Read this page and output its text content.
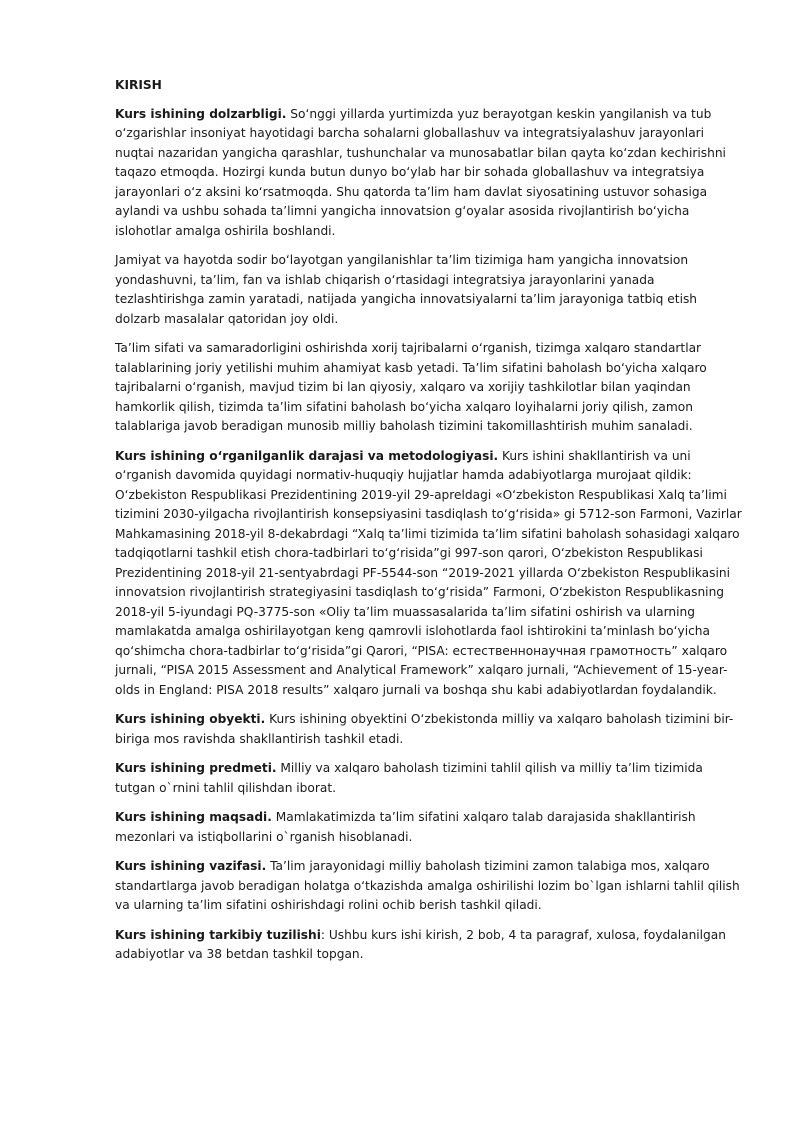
KIRISH

Kurs ishining dolzarbligi. So‘nggi yillarda yurtimizda yuz berayotgan keskin yangilanish va tub o‘zgarishlar insoniyat hayotidagi barcha sohalarni globallashuv va integratsiyalashuv jarayonlari nuqtai nazaridan yangicha qarashlar, tushunchalar va munosabatlar bilan qayta ko‘zdan kechirishni taqazo etmoqda. Hozirgi kunda butun dunyo bo‘ylab har bir sohada globallashuv va integratsiya jarayonlari o‘z aksini ko‘rsatmoqda. Shu qatorda ta’lim ham davlat siyosatining ustuvor sohasiga aylandi va ushbu sohada ta’limni yangicha innovatsion g‘oyalar asosida rivojlantirish bo‘yicha islohotlar amalga oshirila boshlandi.

Jamiyat va hayotda sodir bo‘layotgan yangilanishlar ta’lim tizimiga ham yangicha innovatsion yondashuvni, ta’lim, fan va ishlab chiqarish o‘rtasidagi integratsiya jarayonlarini yanada tezlashtirishga zamin yaratadi, natijada yangicha innovatsiyalarni ta’lim jarayoniga tatbiq etish dolzarb masalalar qatoridan joy oldi.

Ta’lim sifati va samaradorligini oshirishda xorij tajribalarni o‘rganish, tizimga xalqaro standartlar talablarining joriy yetilishi muhim ahamiyat kasb yetadi. Ta’lim sifatini baholash bo‘yicha xalqaro tajribalarni o‘rganish, mavjud tizim bi lan qiyosiy, xalqaro va xorijiy tashkilotlar bilan yaqindan hamkorlik qilish, tizimda ta’lim sifatini baholash bo‘yicha xalqaro loyihalarni joriy qilish, zamon talablariga javob beradigan munosib milliy baholash tizimini takomillashtirish muhim sanaladi.

Kurs ishining o‘rganilganlik darajasi va metodologiyasi. Kurs ishini shakllantirish va uni o‘rganish davomida quyidagi normativ-huquqiy hujjatlar hamda adabiyotlarga murojaat qildik: O‘zbekiston Respublikasi Prezidentining 2019-yil 29-apreldagi «O‘zbekiston Respublikasi Xalq ta’limi tizimini 2030-yilgacha rivojlantirish konsepsiyasini tasdiqlash to‘g‘risida» gi 5712-son Farmoni, Vazirlar Mahkamasining 2018-yil 8-dekabrdagi “Xalq ta’limi tizimida ta’lim sifatini baholash sohasidagi xalqaro tadqiqotlarni tashkil etish chora-tadbirlari to‘g‘risida”gi 997-son qarori, O‘zbekiston Respublikasi Prezidentining 2018-yil 21-sentyabrdagi PF-5544-son “2019-2021 yillarda O‘zbekiston Respublikasini innovatsion rivojlantirish strategiyasini tasdiqlash to‘g‘risida” Farmoni, O‘zbekiston Respublikasning 2018-yil 5-iyundagi PQ-3775-son «Oliy ta’lim muassasalarida ta’lim sifatini oshirish va ularning mamlakatda amalga oshirilayotgan keng qamrovli islohotlarda faol ishtirokini ta’minlash bo‘yicha qo‘shimcha chora-tadbirlar to‘g‘risida”gi Qarori, “PISA: естественнонаучная грамотность” xalqaro jurnali, “PISA 2015 Assessment and Analytical Framework” xalqaro jurnali, “Achievement of 15-year-olds in England: PISA 2018 results” xalqaro jurnali va boshqa shu kabi adabiyotlardan foydalandik.

Kurs ishining obyekti. Kurs ishining obyektini O‘zbekistonda milliy va xalqaro baholash tizimini bir-biriga mos ravishda shakllantirish tashkil etadi.

Kurs ishining predmeti. Milliy va xalqaro baholash tizimini tahlil qilish va milliy ta’lim tizimida tutgan o`rnini tahlil qilishdan iborat.

Kurs ishining maqsadi. Mamlakatimizda ta’lim sifatini xalqaro talab darajasida shakllantirish mezonlari va istiqbollarini o`rganish hisoblanadi.

Kurs ishining vazifasi. Ta’lim jarayonidagi milliy baholash tizimini zamon talabiga mos, xalqaro standartlarga javob beradigan holatga o‘tkazishda amalga oshirilishi lozim bo`lgan ishlarni tahlil qilish va ularning ta’lim sifatini oshirishdagi rolini ochib berish tashkil qiladi.

Kurs ishining tarkibiy tuzilishi: Ushbu kurs ishi kirish, 2 bob, 4 ta paragraf, xulosa, foydalanilgan adabiyotlar va 38 betdan tashkil topgan.
